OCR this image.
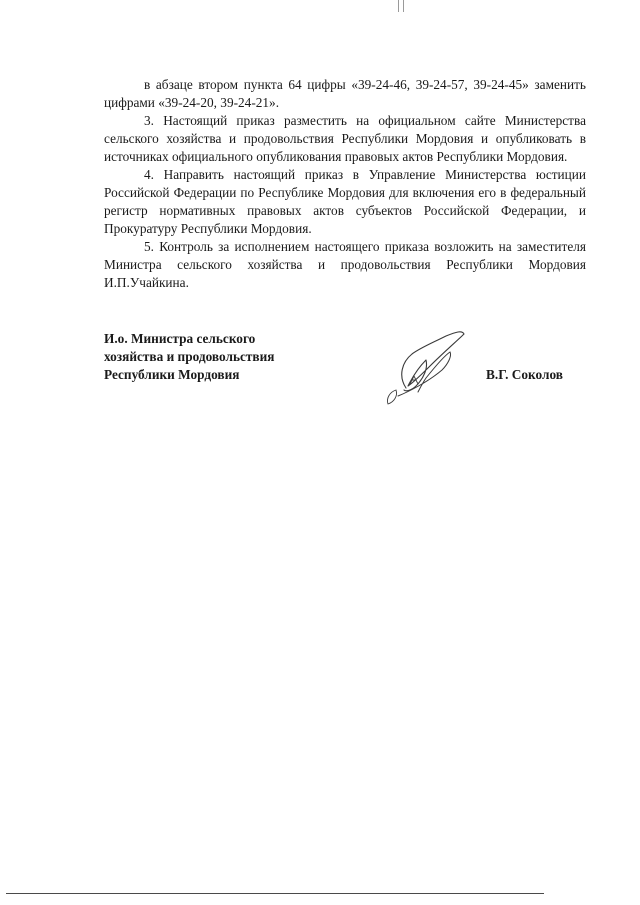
в абзаце втором пункта 64 цифры «39-24-46, 39-24-57, 39-24-45» заменить цифрами «39-24-20, 39-24-21».

3. Настоящий приказ разместить на официальном сайте Министерства сельского хозяйства и продовольствия Республики Мордовия и опубликовать в источниках официального опубликования правовых актов Республики Мордовия.

4. Направить настоящий приказ в Управление Министерства юстиции Российской Федерации по Республике Мордовия для включения его в федеральный регистр нормативных правовых актов субъектов Российской Федерации, и Прокуратуру Республики Мордовия.

5. Контроль за исполнением настоящего приказа возложить на заместителя Министра сельского хозяйства и продовольствия Республики Мордовия И.П.Учайкина.

И.о. Министра сельского
хозяйства и продовольствия
Республики Мордовия	В.Г. Соколов
